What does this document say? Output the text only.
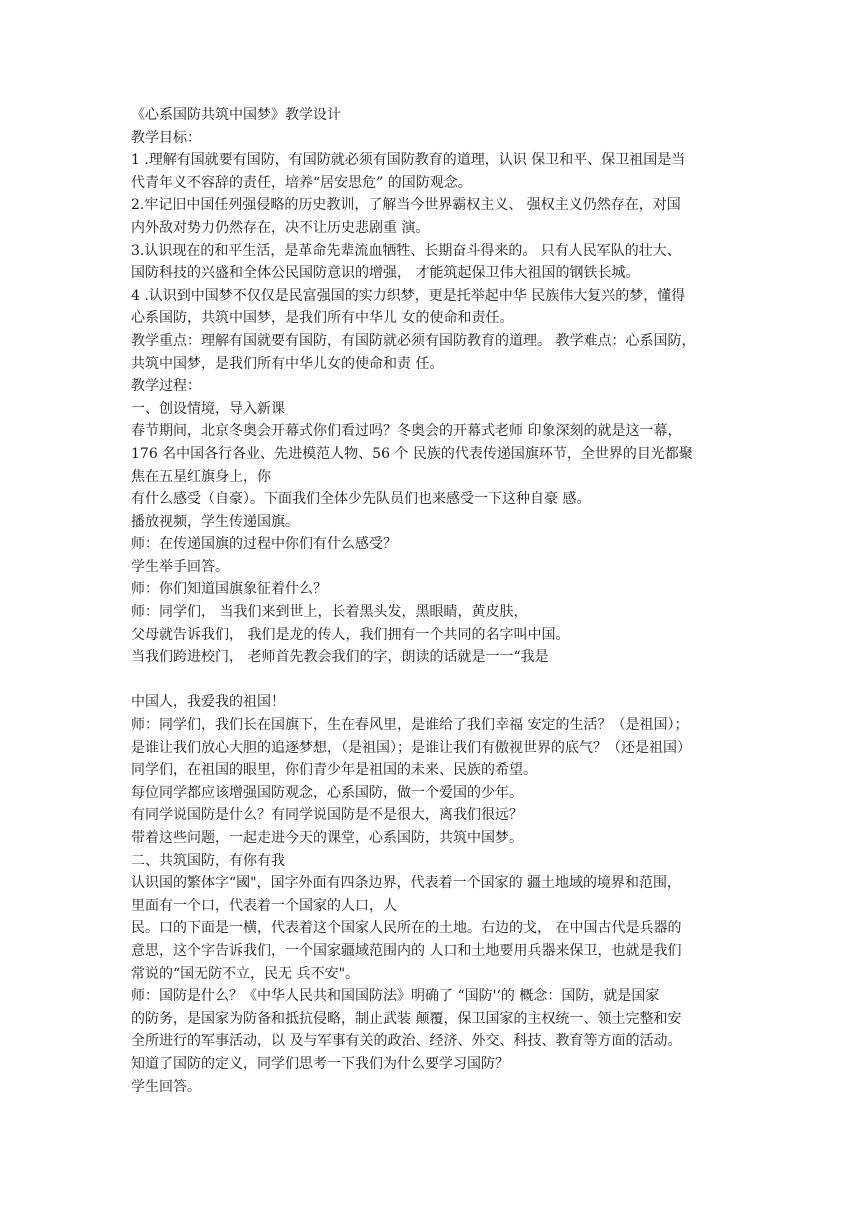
《心系国防共筑中国梦》教学设计
教学目标：
1 .理解有国就要有国防，有国防就必须有国防教育的道理，认识 保卫和平、保卫祖国是当
代青年义不容辞的责任，培养“居安思危” 的国防观念。
2.牢记旧中国任列强侵略的历史教训，了解当今世界霸权主义、 强权主义仍然存在，对国
内外敌对势力仍然存在，决不让历史悲剧重 演。
3.认识现在的和平生活，是革命先辈流血牺牲、长期奋斗得来的。 只有人民军队的壮大、
国防科技的兴盛和全体公民国防意识的增强， 才能筑起保卫伟大祖国的钢铁长城。
4 .认识到中国梦不仅仅是民富强国的实力织梦，更是托举起中华 民族伟大复兴的梦，懂得
心系国防，共筑中国梦，是我们所有中华儿 女的使命和责任。
教学重点：理解有国就要有国防，有国防就必须有国防教育的道理。 教学难点：心系国防，
共筑中国梦，是我们所有中华儿女的使命和责 任。
教学过程：
一、创设情境，导入新课
春节期间，北京冬奥会开幕式你们看过吗？冬奥会的开幕式老师 印象深刻的就是这一幕，
176 名中国各行各业、先进模范人物、56 个 民族的代表传递国旗环节，全世界的目光都聚
焦在五星红旗身上，你
有什么感受（自豪）。下面我们全体少先队员们也来感受一下这种自豪 感。
播放视频，学生传递国旗。
师：在传递国旗的过程中你们有什么感受？
学生举手回答。
师：你们知道国旗象征着什么？
师：同学们， 当我们来到世上，长着黑头发，黑眼睛，黄皮肤，
父母就告诉我们， 我们是龙的传人，我们拥有一个共同的名字叫中国。
当我们跨进校门， 老师首先教会我们的字，朗读的话就是一一“我是
中国人，我爱我的祖国！
师：同学们，我们长在国旗下，生在春风里，是谁给了我们幸福 安定的生活？（是祖国）；
是谁让我们放心大胆的追逐梦想，（是祖国）；是谁让我们有傲视世界的底气？（还是祖国）
同学们，在祖国的眼里，你们青少年是祖国的未来、民族的希望。
每位同学都应该增强国防观念，心系国防，做一个爱国的少年。
有同学说国防是什么？有同学说国防是不是很大，离我们很远？
带着这些问题，一起走进今天的课堂，心系国防，共筑中国梦。
二、共筑国防，有你有我
认识国的繁体字“國"，国字外面有四条边界，代表着一个国家的 疆土地域的境界和范围，
里面有一个口，代表着一个国家的人口，人
民。口的下面是一横，代表着这个国家人民所在的土地。右边的戈， 在中国古代是兵器的
意思，这个字告诉我们，一个国家疆域范围内的 人口和土地要用兵器来保卫，也就是我们
常说的“国无防不立，民无 兵不安"。
师：国防是什么？《中华人民共和国国防法》明确了 “国防'‘的 概念：国防，就是国家
的防务，是国家为防备和抵抗侵略，制止武装 颠覆，保卫国家的主权统一、领土完整和安
全所进行的军事活动，以 及与军事有关的政治、经济、外交、科技、教育等方面的活动。
知道了国防的定义，同学们思考一下我们为什么要学习国防？
学生回答。
